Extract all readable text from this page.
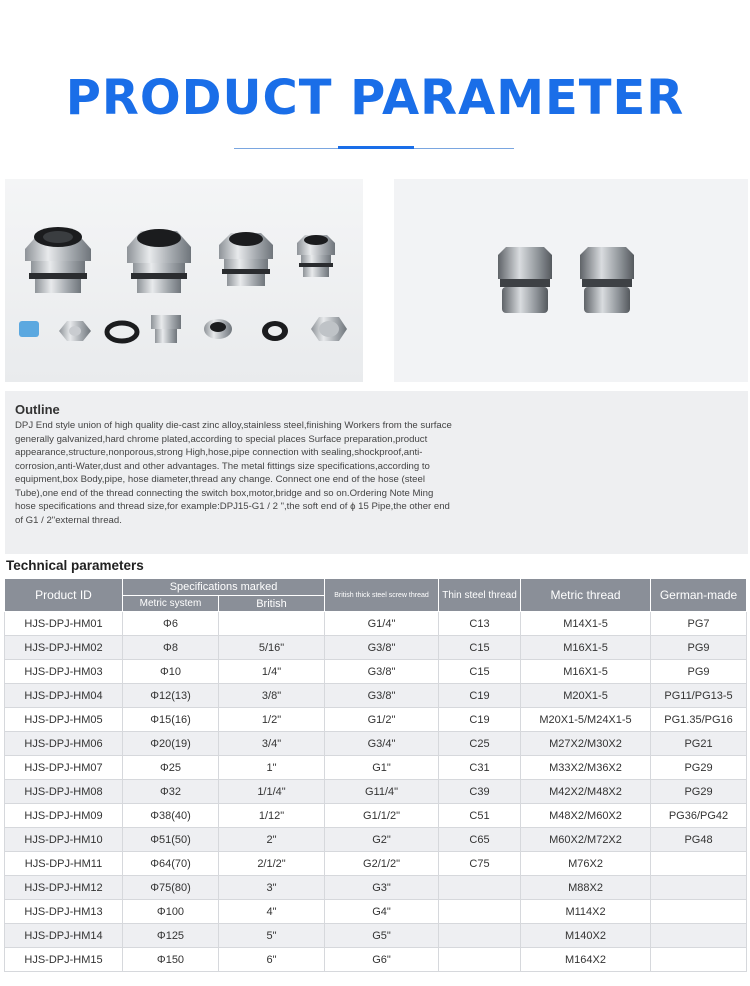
PRODUCT PARAMETER
Outline
DPJ End style union of high quality die-cast zinc alloy,stainless steel,finishing Workers from the surface generally galvanized,hard chrome plated,according to special places Surface preparation,product appearance,structure,nonporous,strong High,hose,pipe connection with sealing,shockproof,anti-corrosion,anti-Water,dust and other advantages. The metal fittings size specifications,according to equipment,box Body,pipe, hose diameter,thread any change. Connect one end of the hose (steel Tube),one end of the thread connecting the switch box,motor,bridge and so on.Ordering Note Ming hose specifications and thread size,for example:DPJ15-G1 / 2 ",the soft end of ϕ 15 Pipe,the other end of G1 / 2"external thread.
Technical parameters
Product ID	Specifications marked		British thick steel screw thread	Thin steel thread	Metric thread	German-made
	Metric system	British				
HJS-DPJ-HM01	Φ6		G1/4"	C13	M14X1-5	PG7
HJS-DPJ-HM02	Φ8	5/16"	G3/8"	C15	M16X1-5	PG9
HJS-DPJ-HM03	Φ10	1/4"	G3/8"	C15	M16X1-5	PG9
HJS-DPJ-HM04	Φ12(13)	3/8"	G3/8"	C19	M20X1-5	PG11/PG13-5
HJS-DPJ-HM05	Φ15(16)	1/2"	G1/2"	C19	M20X1-5/M24X1-5	PG1.35/PG16
HJS-DPJ-HM06	Φ20(19)	3/4"	G3/4"	C25	M27X2/M30X2	PG21
HJS-DPJ-HM07	Φ25	1"	G1"	C31	M33X2/M36X2	PG29
HJS-DPJ-HM08	Φ32	1/1/4"	G11/4"	C39	M42X2/M48X2	PG29
HJS-DPJ-HM09	Φ38(40)	1/12"	G1/1/2"	C51	M48X2/M60X2	PG36/PG42
HJS-DPJ-HM10	Φ51(50)	2"	G2"	C65	M60X2/M72X2	PG48
HJS-DPJ-HM11	Φ64(70)	2/1/2"	G2/1/2"	C75	M76X2	
HJS-DPJ-HM12	Φ75(80)	3"	G3"		M88X2	
HJS-DPJ-HM13	Φ100	4"	G4"		M114X2	
HJS-DPJ-HM14	Φ125	5"	G5"		M140X2	
HJS-DPJ-HM15	Φ150	6"	G6"		M164X2	
